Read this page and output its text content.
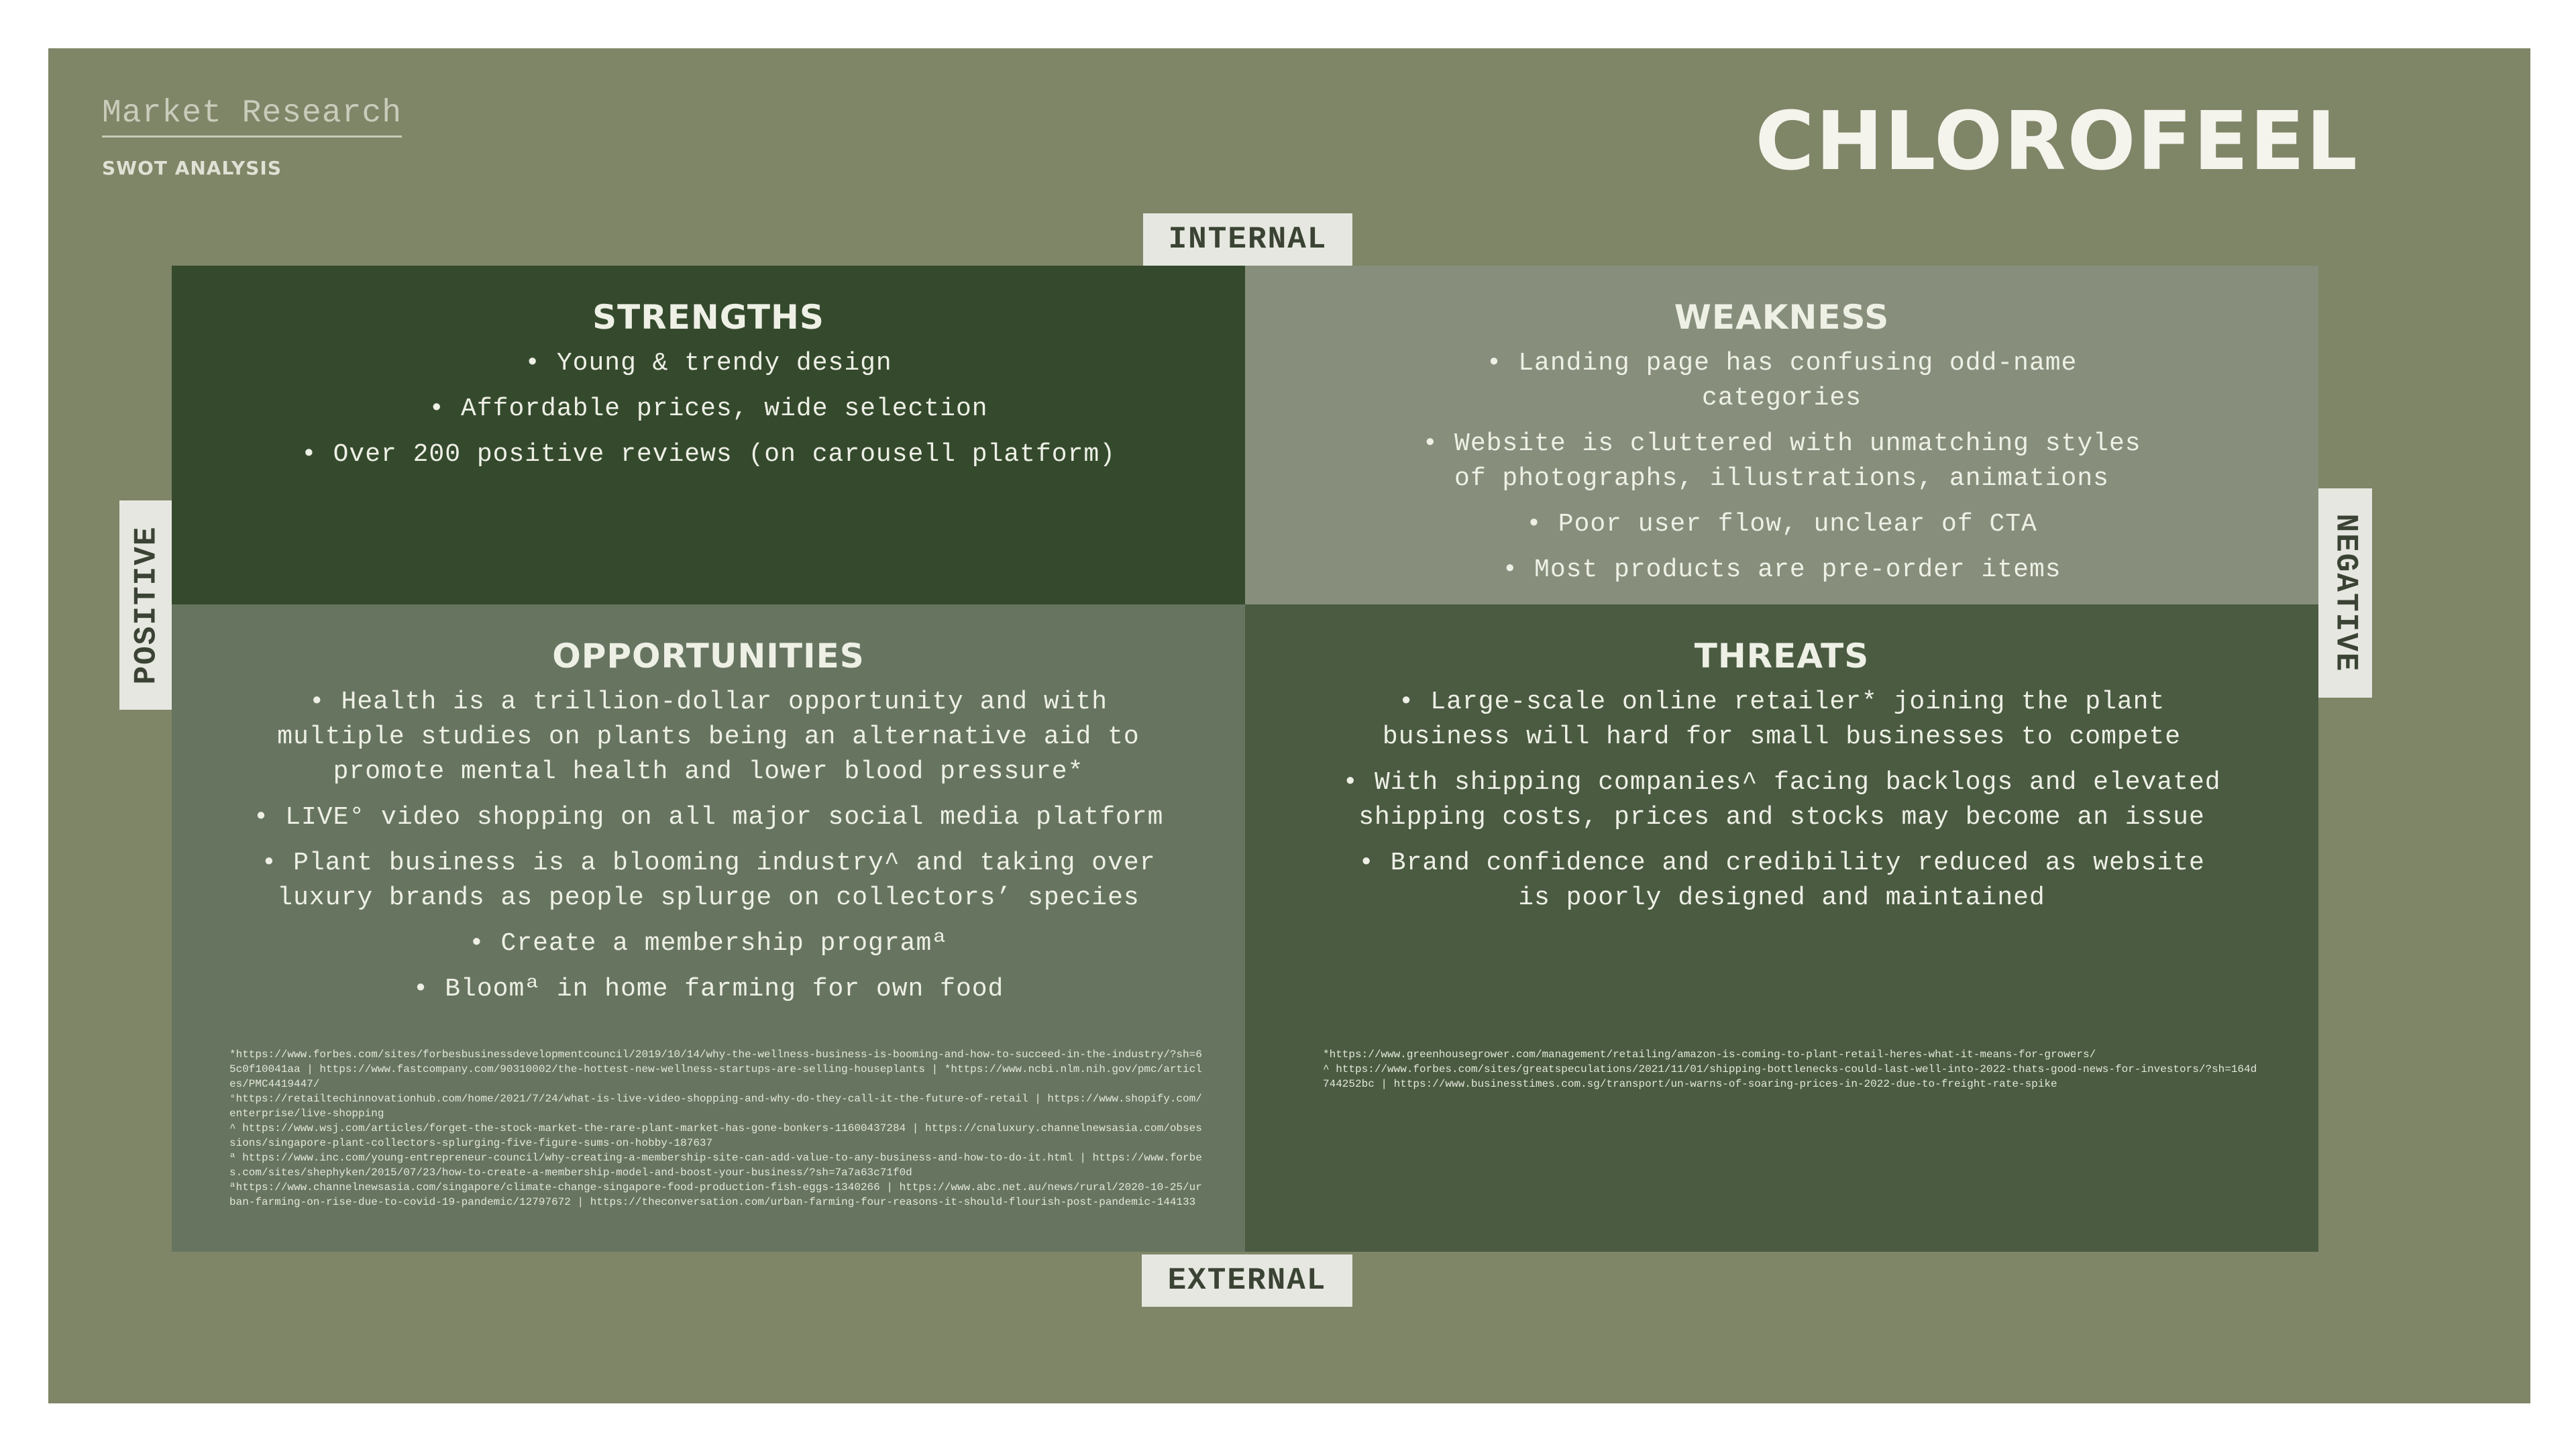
Market Research
SWOT ANALYSIS	CHLOROFEEL
INTERNAL
EXTERNAL
POSITIVE	NEGATIVE
STRENGTHS
• Young & trendy design
• Affordable prices, wide selection
• Over 200 positive reviews (on carousell platform)
WEAKNESS
• Landing page has confusing odd-name categories
• Website is cluttered with unmatching styles of photographs, illustrations, animations
• Poor user flow, unclear of CTA
• Most products are pre-order items
OPPORTUNITIES
• Health is a trillion-dollar opportunity and with multiple studies on plants being an alternative aid to promote mental health and lower blood pressure*
• LIVE° video shopping on all major social media platform
• Plant business is a blooming industry^ and taking over luxury brands as people splurge on collectors’ species
• Create a membership programª
• Bloomª in home farming for own food
*https://www.forbes.com/sites/forbesbusinessdevelopmentcouncil/2019/10/14/why-the-wellness-business-is-booming-and-how-to-succeed-in-the-industry/?sh=65c0f10041aa | https://www.fastcompany.com/90310002/the-hottest-new-wellness-startups-are-selling-houseplants | *https://www.ncbi.nlm.nih.gov/pmc/articles/PMC4419447/
°https://retailtechinnovationhub.com/home/2021/7/24/what-is-live-video-shopping-and-why-do-they-call-it-the-future-of-retail | https://www.shopify.com/enterprise/live-shopping
^ https://www.wsj.com/articles/forget-the-stock-market-the-rare-plant-market-has-gone-bonkers-11600437284 | https://cnaluxury.channelnewsasia.com/obsessions/singapore-plant-collectors-splurging-five-figure-sums-on-hobby-187637
ª https://www.inc.com/young-entrepreneur-council/why-creating-a-membership-site-can-add-value-to-any-business-and-how-to-do-it.html | https://www.forbes.com/sites/shephyken/2015/07/23/how-to-create-a-membership-model-and-boost-your-business/?sh=7a7a63c71f0d
ªhttps://www.channelnewsasia.com/singapore/climate-change-singapore-food-production-fish-eggs-1340266 | https://www.abc.net.au/news/rural/2020-10-25/urban-farming-on-rise-due-to-covid-19-pandemic/12797672 | https://theconversation.com/urban-farming-four-reasons-it-should-flourish-post-pandemic-144133
THREATS
• Large-scale online retailer* joining the plant business will hard for small businesses to compete
• With shipping companies^ facing backlogs and elevated shipping costs, prices and stocks may become an issue
• Brand confidence and credibility reduced as website is poorly designed and maintained
*https://www.greenhousegrower.com/management/retailing/amazon-is-coming-to-plant-retail-heres-what-it-means-for-growers/
^ https://www.forbes.com/sites/greatspeculations/2021/11/01/shipping-bottlenecks-could-last-well-into-2022-thats-good-news-for-investors/?sh=164d744252bc | https://www.businesstimes.com.sg/transport/un-warns-of-soaring-prices-in-2022-due-to-freight-rate-spike
